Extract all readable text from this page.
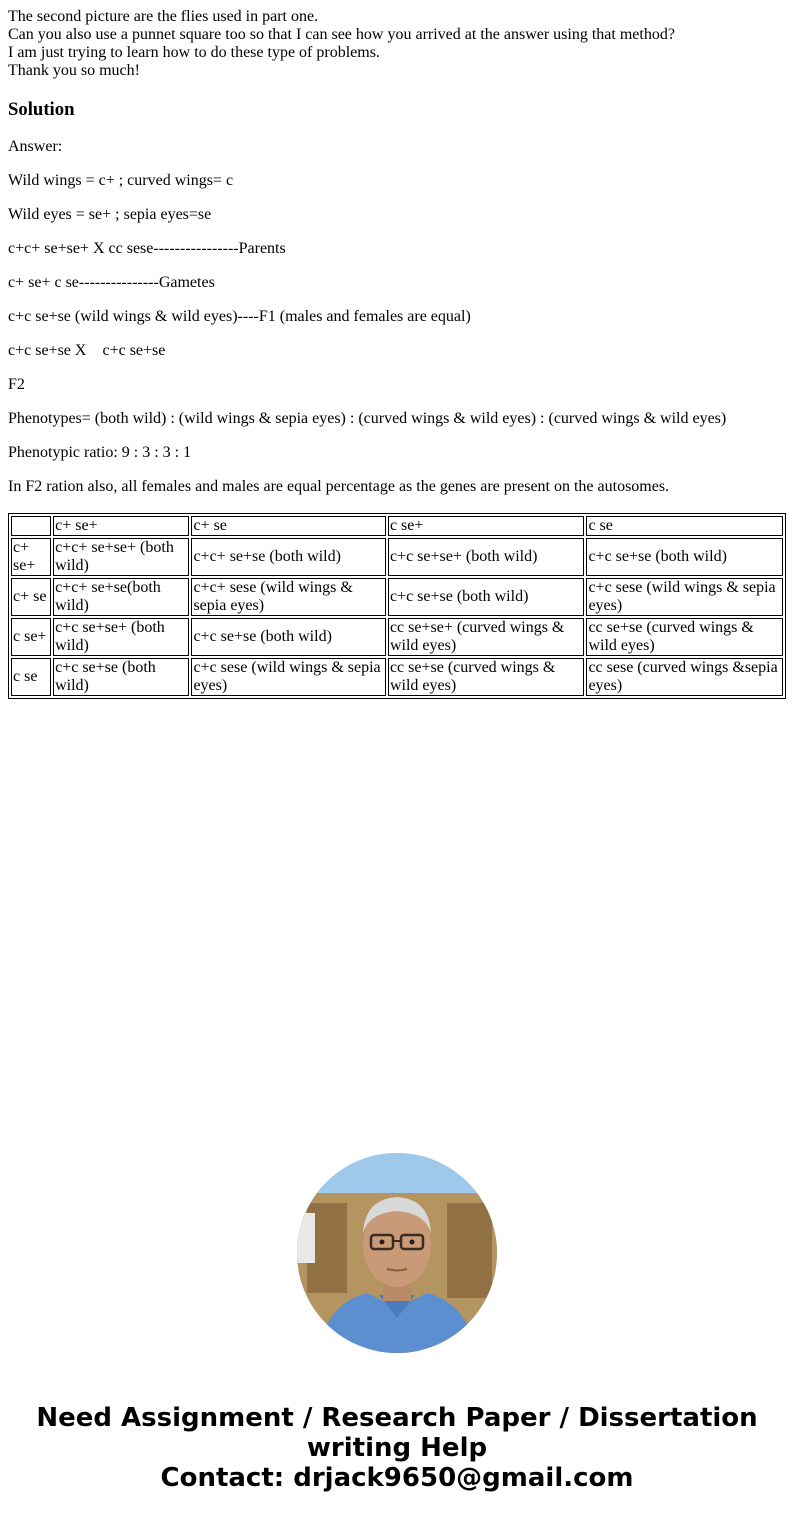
The second picture are the flies used in part one.

Can you also use a punnet square too so that I can see how you arrived at the answer using that method?

I am just trying to learn how to do these type of problems.

Thank you so much!

Solution

Answer:

Wild wings = c+ ; curved wings= c

Wild eyes = se+ ; sepia eyes=se

c+c+ se+se+ X cc sese----------------Parents

c+ se+ c se---------------Gametes

c+c se+se (wild wings & wild eyes)----F1 (males and females are equal)

c+c se+se X    c+c se+se

F2

Phenotypes= (both wild) : (wild wings & sepia eyes) : (curved wings & wild eyes) : (curved wings & wild eyes)

Phenotypic ratio: 9 : 3 : 3 : 1

In F2 ration also, all females and males are equal percentage as the genes are present on the autosomes.

	c+ se+	c+ se	c se+	c se
c+ se+	c+c+ se+se+ (both wild)	c+c+ se+se (both wild)	c+c se+se+ (both wild)	c+c se+se (both wild)
c+ se	c+c+ se+se(both wild)	c+c+ sese (wild wings & sepia eyes)	c+c se+se (both wild)	c+c sese (wild wings & sepia eyes)
c se+	c+c se+se+ (both wild)	c+c se+se (both wild)	cc se+se+ (curved wings & wild eyes)	cc se+se (curved wings & wild eyes)
c se	c+c se+se (both wild)	c+c sese (wild wings & sepia eyes)	cc se+se (curved wings & wild eyes)	cc sese (curved wings &sepia eyes)
Need Assignment / Research Paper / Dissertation
writing Help
Contact: drjack9650@gmail.com
